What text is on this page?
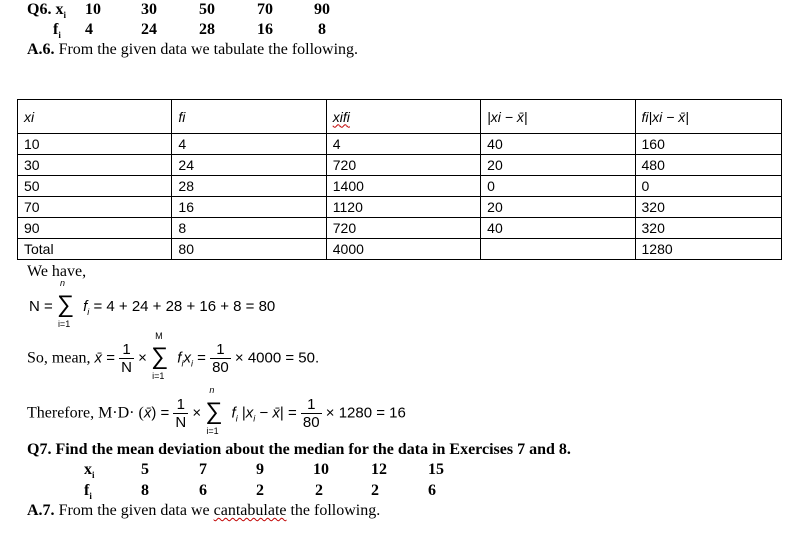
Q6. $x_i$ 10	30	50	70	90
$f_i$ 4	24	28	16	8
A.6. From the given data we tabulate the following.
xi	fi	xifi	|xi − x̄|	fi|xi − x̄|
10	4	4	40	160
30	24	720	20	480
50	28	1400	0	0
70	16	1120	20	320
90	8	720	40	320
Total	80	4000		1280
We have,
N =
n
∑
i=1
$f_i = 4 + 24 + 28 + 16 + 8 = 80$
So, mean, x̄ = $\frac{1}{N}$ ×
M
∑
i=1
$f_ix_i = \frac{1}{80} \times 4000 = 50$.
Therefore, M·D· (x̄) = $\frac{1}{N}$ ×
n
∑
i=1
$f_i$ $|x_i$ − x̄| = $\frac{1}{80} \times 1280 = 16$
Q7. Find the mean deviation about the median for the data in Exercises 7 and 8.
$x_i$	5	7	9	10	12	15
$f_i$	8	6	2	2	2	6
A.7. From the given data we cantabulate the following.
